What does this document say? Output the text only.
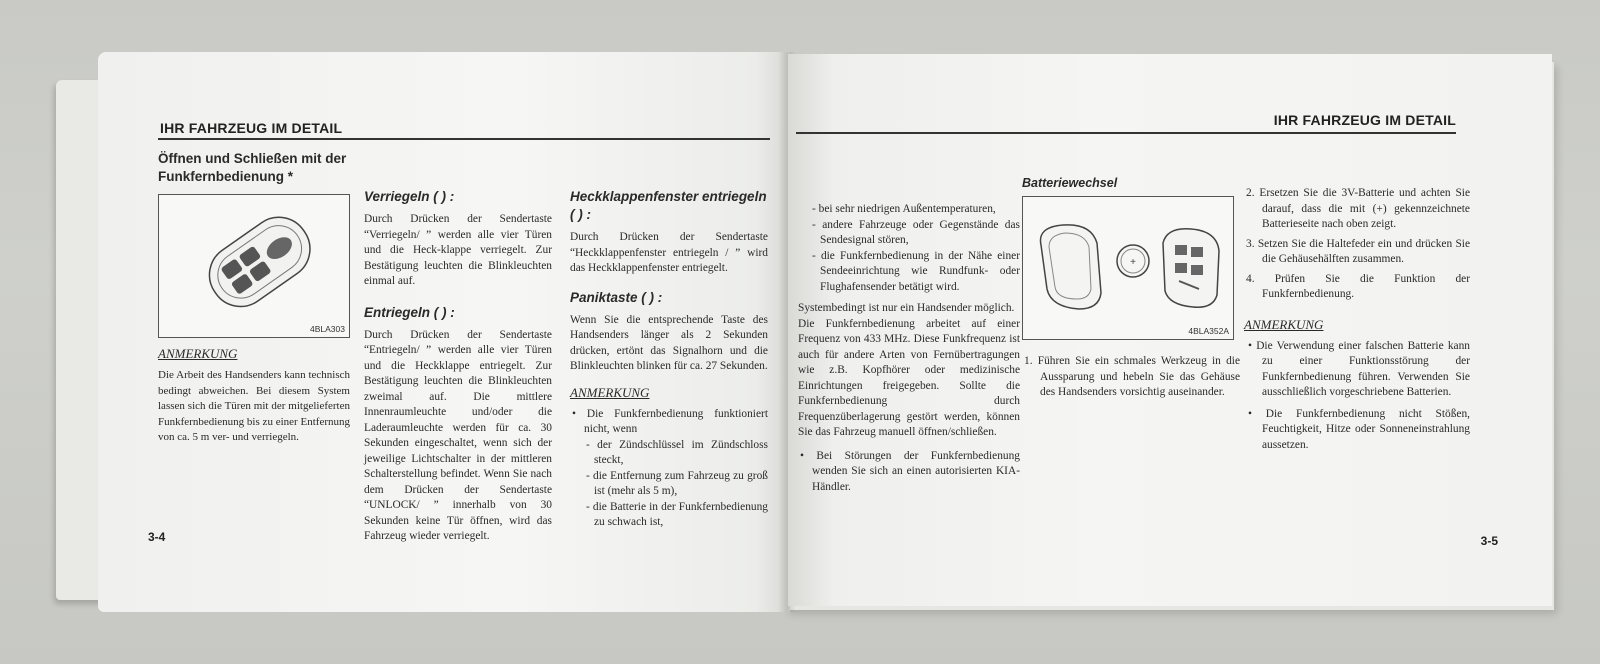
IHR FAHRZEUG IM DETAIL
Öffnen und Schließen mit der Funkfernbedienung *
4BLA303
ANMERKUNG
Die Arbeit des Handsenders kann technisch bedingt abweichen. Bei diesem System lassen sich die Türen mit der mitgelieferten Funkfernbedienung bis zu einer Entfernung von ca. 5 m ver- und verriegeln.
3-4
Verriegeln ( ) :
Durch Drücken der Sendertaste “Verriegeln/ ” werden alle vier Türen und die Heck-klappe verriegelt. Zur Bestätigung leuchten die Blinkleuchten einmal auf.
Entriegeln ( ) :
Durch Drücken der Sendertaste “Entriegeln/ ” werden alle vier Türen und die Heckklappe entriegelt. Zur Bestätigung leuchten die Blinkleuchten zweimal auf. Die mittlere Innenraumleuchte und/oder die Laderaumleuchte werden für ca. 30 Sekunden eingeschaltet, wenn sich der jeweilige Lichtschalter in der mittleren Schalterstellung befindet. Wenn Sie nach dem Drücken der Sendertaste “UNLOCK/ ” innerhalb von 30 Sekunden keine Tür öffnen, wird das Fahrzeug wieder verriegelt.
Heckklappenfenster entriegeln ( ) :
Durch Drücken der Sendertaste “Heckklappenfenster entriegeln / ” wird das Heckklappenfenster entriegelt.
Paniktaste ( ) :
Wenn Sie die entsprechende Taste des Handsenders länger als 2 Sekunden drücken, ertönt das Signalhorn und die Blinkleuchten blinken für ca. 27 Sekunden.
ANMERKUNG
• Die Funkfernbedienung funktioniert nicht, wenn
- der Zündschlüssel im Zündschloss steckt,
- die Entfernung zum Fahrzeug zu groß ist (mehr als 5 m),
- die Batterie in der Funkfernbedienung zu schwach ist,
IHR FAHRZEUG IM DETAIL
- bei sehr niedrigen Außentemperaturen,
- andere Fahrzeuge oder Gegenstände das Sendesignal stören,
- die Funkfernbedienung in der Nähe einer Sendeeinrichtung wie Rundfunk- oder Flughafensender betätigt wird.
Systembedingt ist nur ein Handsender möglich.
Die Funkfernbedienung arbeitet auf einer Frequenz von 433 MHz. Diese Funkfrequenz ist auch für andere Arten von Fernübertragungen wie z.B. Kopfhörer oder medizinische Einrichtungen freigegeben. Sollte die Funkfernbedienung durch Frequenzüberlagerung gestört werden, können Sie das Fahrzeug manuell öffnen/schließen.
• Bei Störungen der Funkfernbedienung wenden Sie sich an einen autorisierten KIA-Händler.
Batteriewechsel
+
4BLA352A
1. Führen Sie ein schmales Werkzeug in die Aussparung und hebeln Sie das Gehäuse des Handsenders vorsichtig auseinander.
2. Ersetzen Sie die 3V-Batterie und achten Sie darauf, dass die mit (+) gekennzeichnete Batterieseite nach oben zeigt.
3. Setzen Sie die Haltefeder ein und drücken Sie die Gehäusehälften zusammen.
4. Prüfen Sie die Funktion der Funkfernbedienung.
ANMERKUNG
• Die Verwendung einer falschen Batterie kann zu einer Funktionsstörung der Funkfernbedienung führen. Verwenden Sie ausschließlich vorgeschriebene Batterien.
• Die Funkfernbedienung nicht Stößen, Feuchtigkeit, Hitze oder Sonneneinstrahlung aussetzen.
3-5
